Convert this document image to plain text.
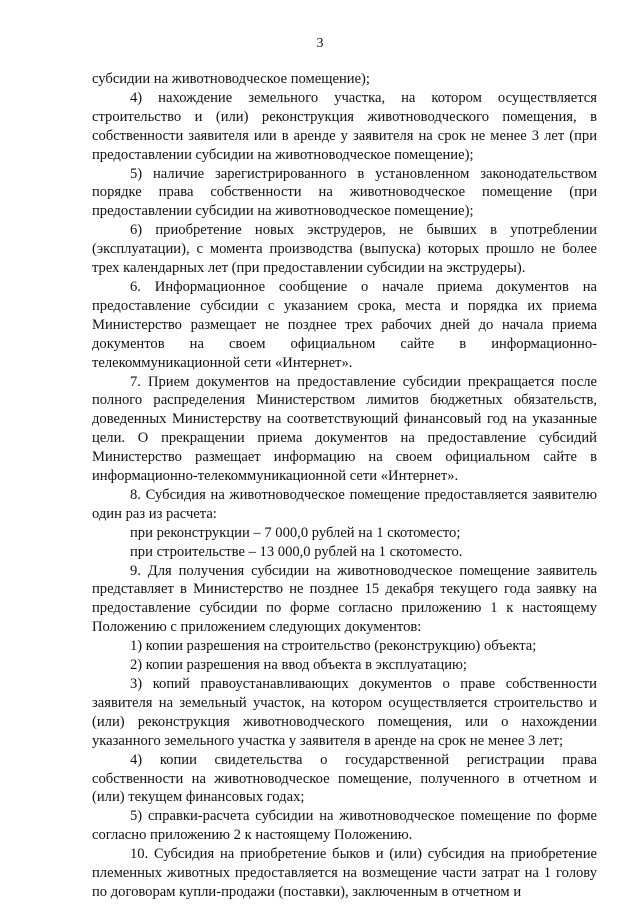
3

субсидии на животноводческое помещение);

4) нахождение земельного участка, на котором осуществляется строительство и (или) реконструкция животноводческого помещения, в собственности заявителя или в аренде у заявителя на срок не менее 3 лет (при предоставлении субсидии на животноводческое помещение);

5) наличие зарегистрированного в установленном законодательством порядке права собственности на животноводческое помещение (при предоставлении субсидии на животноводческое помещение);

6) приобретение новых экструдеров, не бывших в употреблении (эксплуатации), с момента производства (выпуска) которых прошло не более трех календарных лет (при предоставлении субсидии на экструдеры).

6. Информационное сообщение о начале приема документов на предоставление субсидии с указанием срока, места и порядка их приема Министерство размещает не позднее трех рабочих дней до начала приема документов на своем официальном сайте в информационно-телекоммуникационной сети «Интернет».

7. Прием документов на предоставление субсидии прекращается после полного распределения Министерством лимитов бюджетных обязательств, доведенных Министерству на соответствующий финансовый год на указанные цели. О прекращении приема документов на предоставление субсидий Министерство размещает информацию на своем официальном сайте в информационно-телекоммуникационной сети «Интернет».

8. Субсидия на животноводческое помещение предоставляется заявителю один раз из расчета:

при реконструкции – 7 000,0 рублей на 1 скотоместо;

при строительстве – 13 000,0 рублей на 1 скотоместо.

9. Для получения субсидии на животноводческое помещение заявитель представляет в Министерство не позднее 15 декабря текущего года заявку на предоставление субсидии по форме согласно приложению 1 к настоящему Положению с приложением следующих документов:

1) копии разрешения на строительство (реконструкцию) объекта;

2) копии разрешения на ввод объекта в эксплуатацию;

3) копий правоустанавливающих документов о праве собственности заявителя на земельный участок, на котором осуществляется строительство и (или) реконструкция животноводческого помещения, или о нахождении указанного земельного участка у заявителя в аренде на срок не менее 3 лет;

4) копии свидетельства о государственной регистрации права собственности на животноводческое помещение, полученного в отчетном и (или) текущем финансовых годах;

5) справки-расчета субсидии на животноводческое помещение по форме согласно приложению 2 к настоящему Положению.

10. Субсидия на приобретение быков и (или) субсидия на приобретение племенных животных предоставляется на возмещение части затрат на 1 голову по договорам купли-продажи (поставки), заключенным в отчетном и
